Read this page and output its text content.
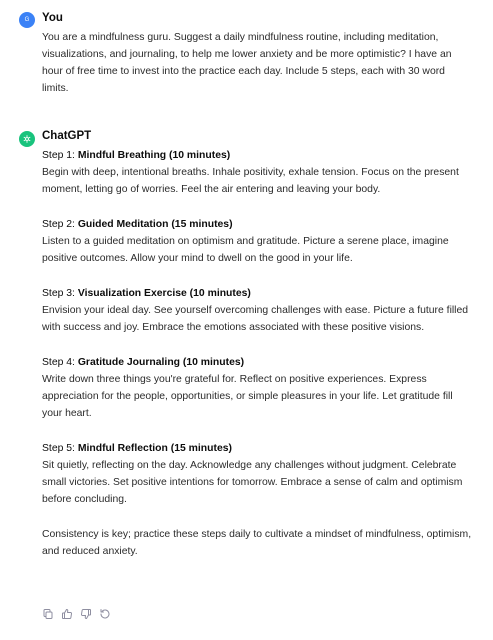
G You

You are a mindfulness guru. Suggest a daily mindfulness routine, including meditation, visualizations, and journaling, to help me lower anxiety and be more optimistic? I have an hour of free time to invest into the practice each day. Include 5 steps, each with 30 word limits.

ChatGPT

Step 1: Mindful Breathing (10 minutes)

Begin with deep, intentional breaths. Inhale positivity, exhale tension. Focus on the present moment, letting go of worries. Feel the air entering and leaving your body.

Step 2: Guided Meditation (15 minutes)

Listen to a guided meditation on optimism and gratitude. Picture a serene place, imagine positive outcomes. Allow your mind to dwell on the good in your life.

Step 3: Visualization Exercise (10 minutes)

Envision your ideal day. See yourself overcoming challenges with ease. Picture a future filled with success and joy. Embrace the emotions associated with these positive visions.

Step 4: Gratitude Journaling (10 minutes)

Write down three things you're grateful for. Reflect on positive experiences. Express appreciation for the people, opportunities, or simple pleasures in your life. Let gratitude fill your heart.

Step 5: Mindful Reflection (15 minutes)

Sit quietly, reflecting on the day. Acknowledge any challenges without judgment. Celebrate small victories. Set positive intentions for tomorrow. Embrace a sense of calm and optimism before concluding.

Consistency is key; practice these steps daily to cultivate a mindset of mindfulness, optimism, and reduced anxiety.
